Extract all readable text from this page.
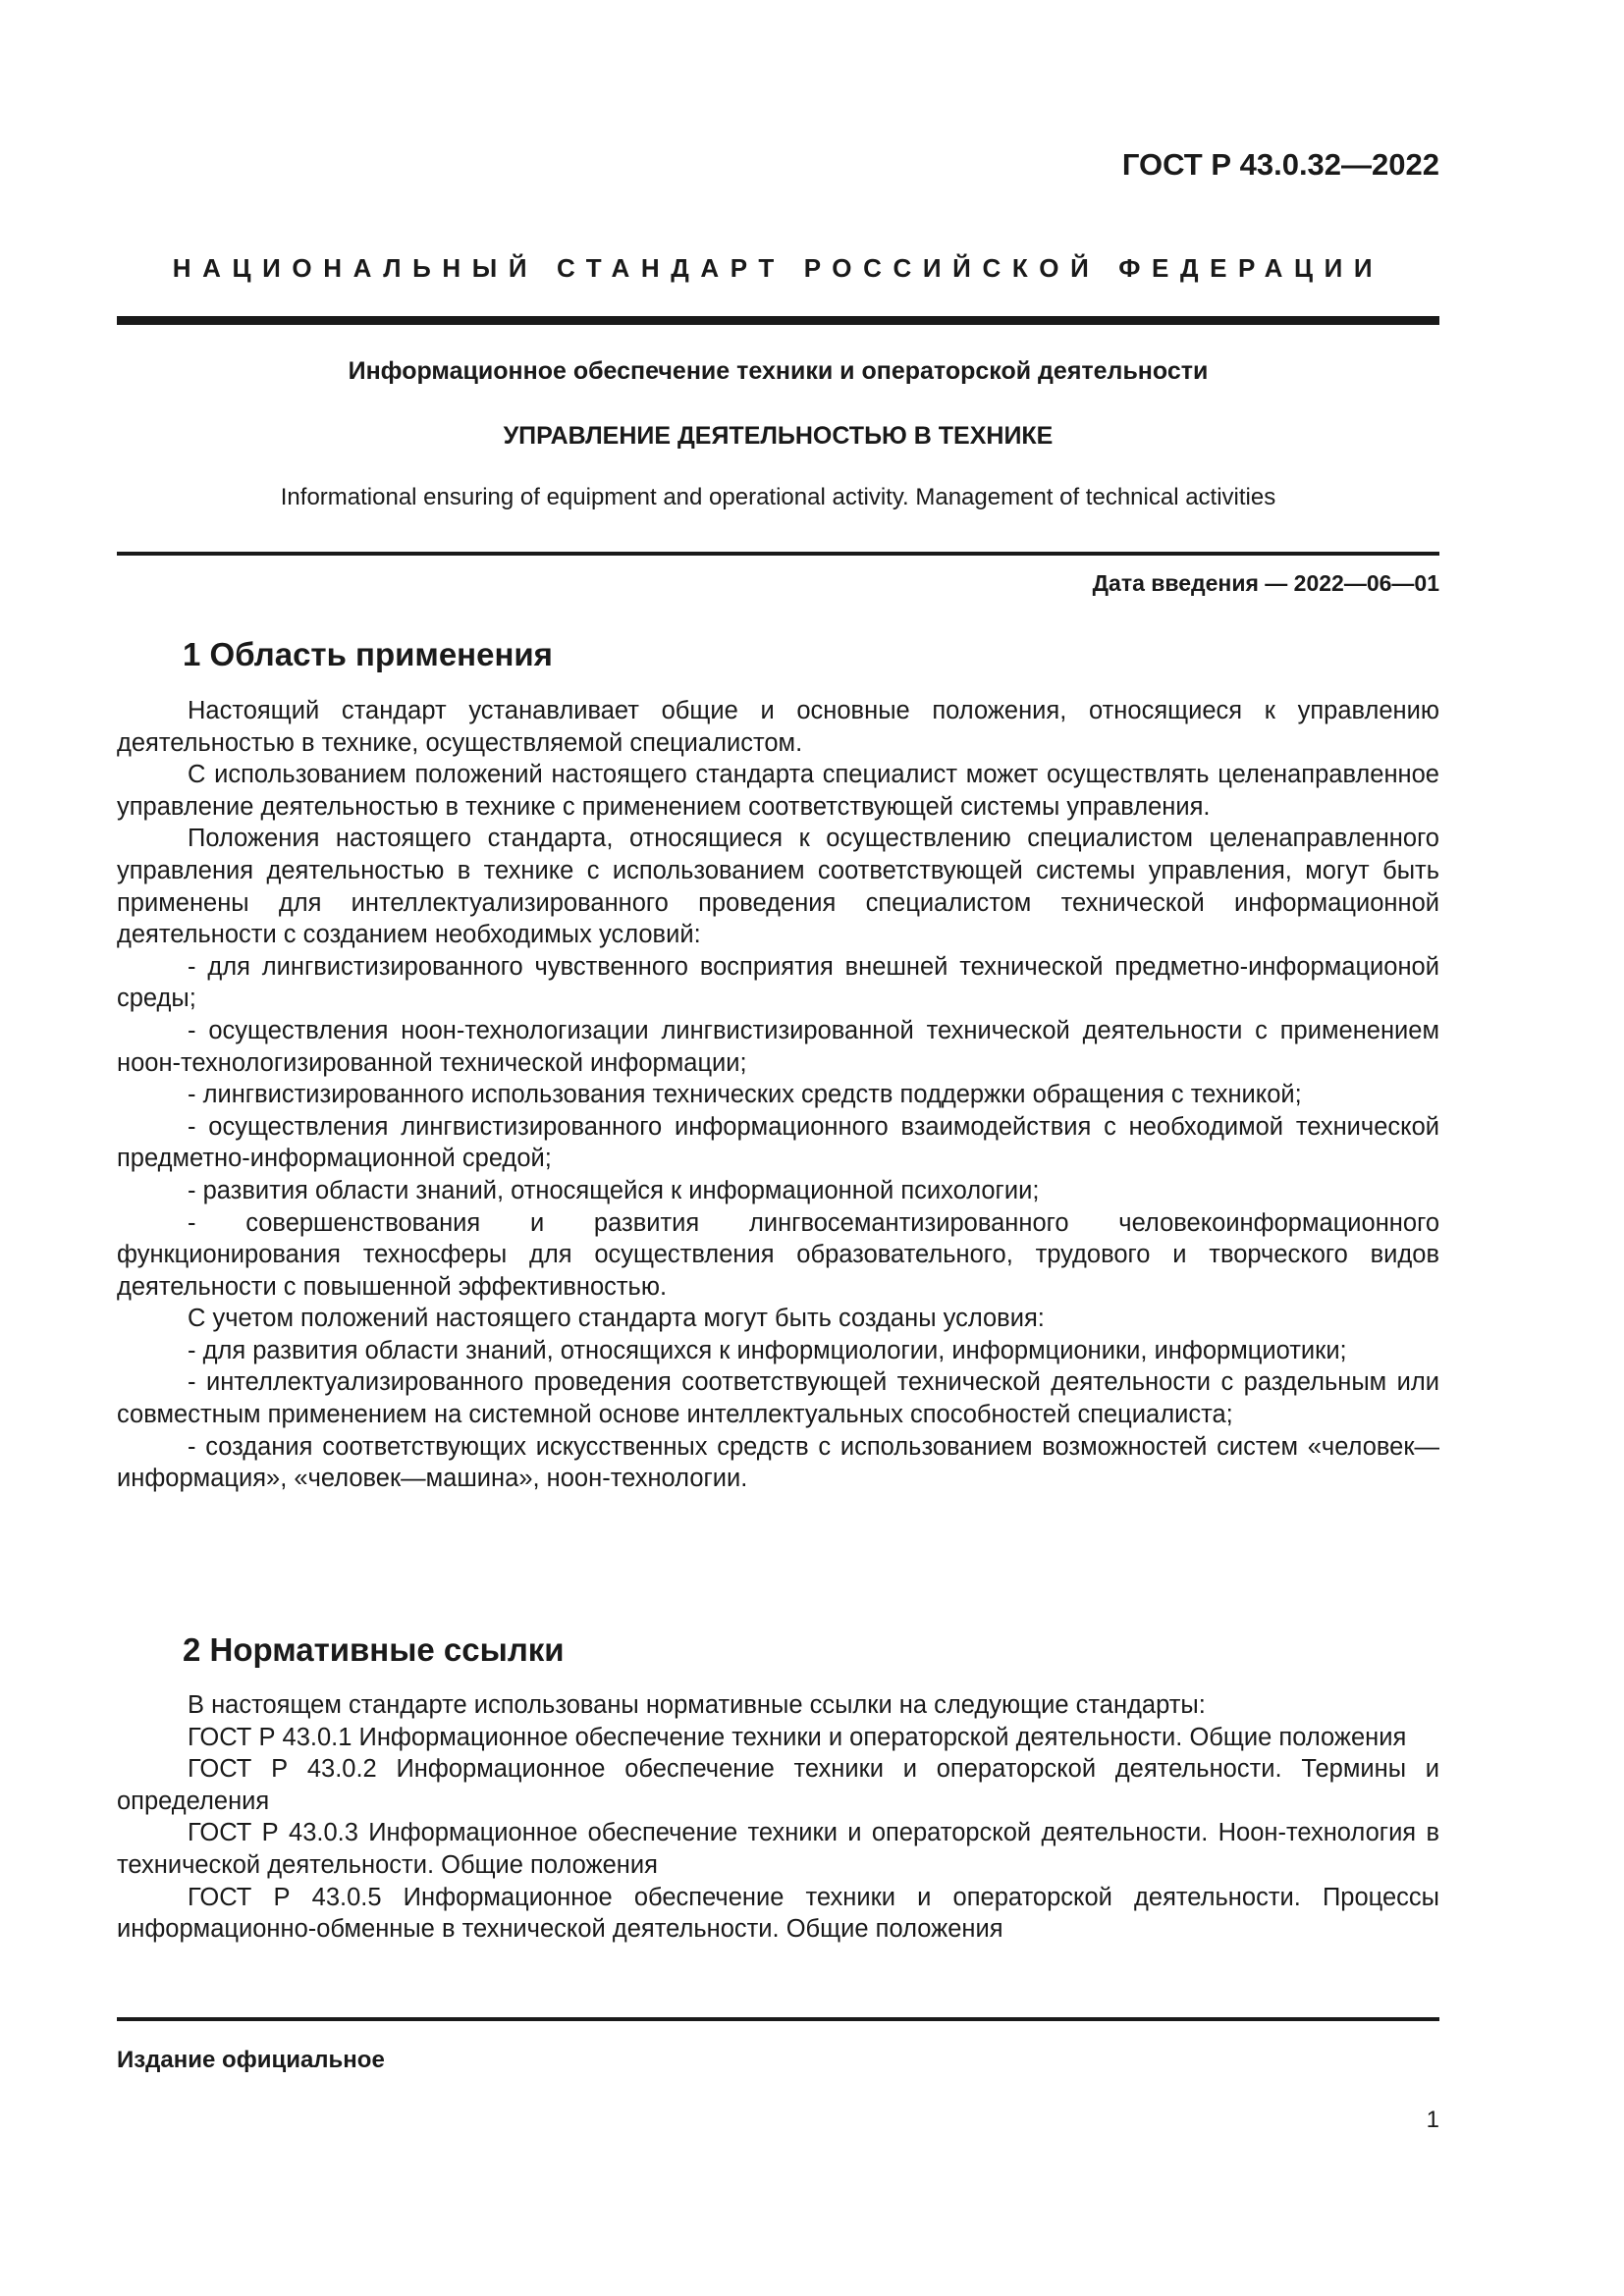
ГОСТ Р 43.0.32—2022
НАЦИОНАЛЬНЫЙ СТАНДАРТ РОССИЙСКОЙ ФЕДЕРАЦИИ
Информационное обеспечение техники и операторской деятельности
УПРАВЛЕНИЕ ДЕЯТЕЛЬНОСТЬЮ В ТЕХНИКЕ

Informational ensuring of equipment and operational activity. Management of technical activities

Дата введения — 2022—06—01

1 Область применения

Настоящий стандарт устанавливает общие и основные положения, относящиеся к управлению деятельностью в технике, осуществляемой специалистом.

С использованием положений настоящего стандарта специалист может осуществлять целенаправленное управление деятельностью в технике с применением соответствующей системы управления.

Положения настоящего стандарта, относящиеся к осуществлению специалистом целенаправленного управления деятельностью в технике с использованием соответствующей системы управления, могут быть применены для интеллектуализированного проведения специалистом технической информационной деятельности с созданием необходимых условий:

- для лингвистизированного чувственного восприятия внешней технической предметно-информационой среды;

- осуществления ноон-технологизации лингвистизированной технической деятельности с применением ноон-технологизированной технической информации;

- лингвистизированного использования технических средств поддержки обращения с техникой;

- осуществления лингвистизированного информационного взаимодействия с необходимой технической предметно-информационной средой;

- развития области знаний, относящейся к информационной психологии;

- совершенствования и развития лингвосемантизированного человекоинформационного функционирования техносферы для осуществления образовательного, трудового и творческого видов деятельности с повышенной эффективностью.

С учетом положений настоящего стандарта могут быть созданы условия:

- для развития области знаний, относящихся к информциологии, информционики, информциотики;

- интеллектуализированного проведения соответствующей технической деятельности с раздельным или совместным применением на системной основе интеллектуальных способностей специалиста;

- создания соответствующих искусственных средств с использованием возможностей систем «человек—информация», «человек—машина», ноон-технологии.

2 Нормативные ссылки

В настоящем стандарте использованы нормативные ссылки на следующие стандарты:

ГОСТ Р 43.0.1 Информационное обеспечение техники и операторской деятельности. Общие положения

ГОСТ Р 43.0.2 Информационное обеспечение техники и операторской деятельности. Термины и определения

ГОСТ Р 43.0.3 Информационное обеспечение техники и операторской деятельности. Ноон-технология в технической деятельности. Общие положения

ГОСТ Р 43.0.5 Информационное обеспечение техники и операторской деятельности. Процессы информационно-обменные в технической деятельности. Общие положения

Издание официальное

1
